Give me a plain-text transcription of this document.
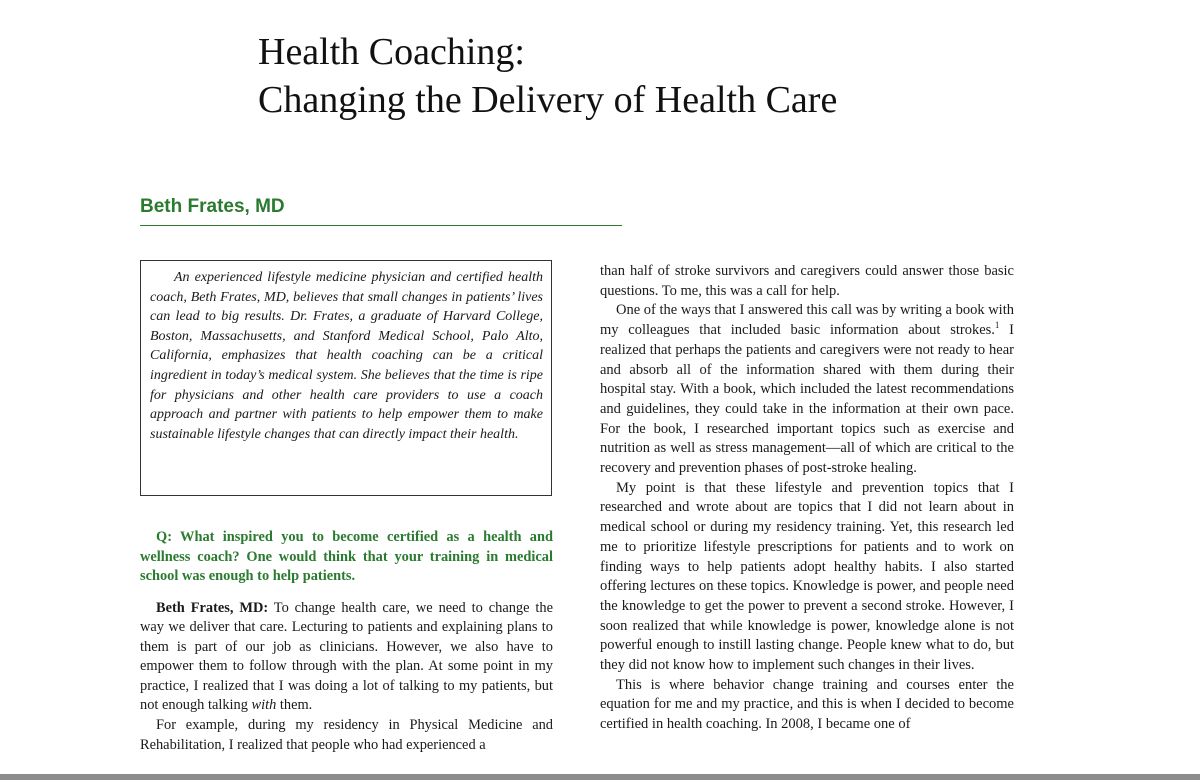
Health Coaching:
Changing the Delivery of Health Care
Beth Frates, MD

An experienced lifestyle medicine physician and certified health coach, Beth Frates, MD, believes that small changes in patients’ lives can lead to big results. Dr. Frates, a graduate of Harvard College, Boston, Massachusetts, and Stanford Medical School, Palo Alto, California, emphasizes that health coaching can be a critical ingredient in today’s medical system. She believes that the time is ripe for physicians and other health care providers to use a coach approach and partner with patients to help empower them to make sustainable lifestyle changes that can directly impact their health.

Q: What inspired you to become certified as a health and wellness coach? One would think that your training in medical school was enough to help patients.

Beth Frates, MD: To change health care, we need to change the way we deliver that care. Lecturing to patients and explaining plans to them is part of our job as clinicians. However, we also have to empower them to follow through with the plan. At some point in my practice, I realized that I was doing a lot of talking to my patients, but not enough talking with them.

For example, during my residency in Physical Medicine and Rehabilitation, I realized that people who had experienced a

than half of stroke survivors and caregivers could answer those basic questions. To me, this was a call for help.

One of the ways that I answered this call was by writing a book with my colleagues that included basic information about strokes.$^1$ I realized that perhaps the patients and caregivers were not ready to hear and absorb all of the information shared with them during their hospital stay. With a book, which included the latest recommendations and guidelines, they could take in the information at their own pace. For the book, I researched important topics such as exercise and nutrition as well as stress management—all of which are critical to the recovery and prevention phases of post-stroke healing.

My point is that these lifestyle and prevention topics that I researched and wrote about are topics that I did not learn about in medical school or during my residency training. Yet, this research led me to prioritize lifestyle prescriptions for patients and to work on finding ways to help patients adopt healthy habits. I also started offering lectures on these topics. Knowledge is power, and people need the knowledge to get the power to prevent a second stroke. However, I soon realized that while knowledge is power, knowledge alone is not powerful enough to instill lasting change. People knew what to do, but they did not know how to implement such changes in their lives.

This is where behavior change training and courses enter the equation for me and my practice, and this is when I decided to become certified in health coaching. In 2008, I became one of
